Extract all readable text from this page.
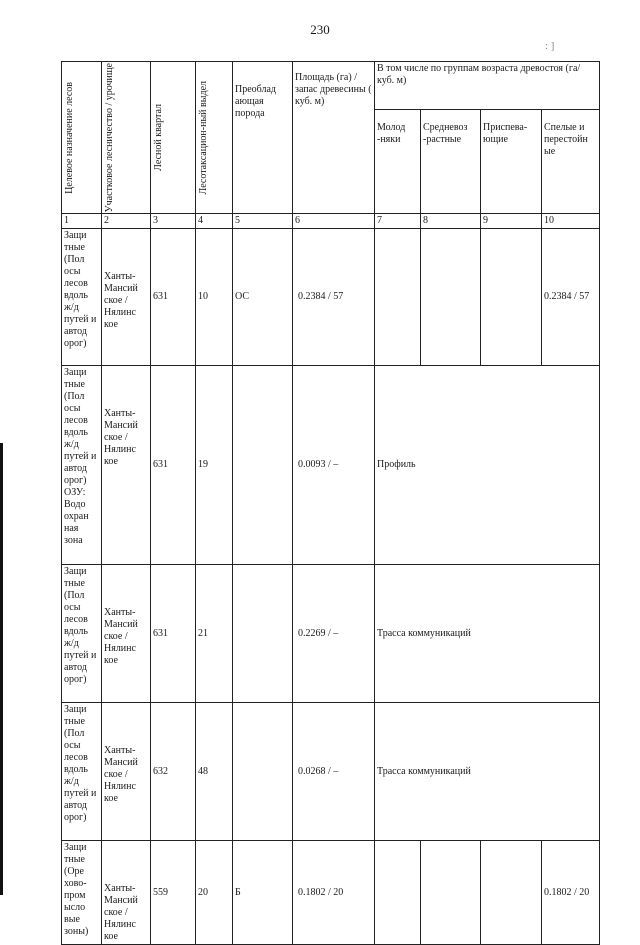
230
: ]
Целевое назначение лесов	Участковое лесничество / урочище	Лесной квартал	Лесотаксацион-ный выдел	Преоблад ающая порода	Площадь (га) / запас древесины ( куб. м)	В том числе по группам возраста древостоя (га/ куб. м)			
						Молод -няки	Средневоз -растные	Приспева-ющие	Спелые и перестойн ые
1	2	3	4	5	6	7	8	9	10
Защи тные (Пол осы лесов вдоль ж/д путей и автод орог)	Ханты-Мансий ское / Нялинс кое	631	10	ОС	0.2384 / 57				0.2384 / 57
Защи тные (Пол осы лесов вдоль ж/д путей и автод орог) ОЗУ: Водо охран ная зона	Ханты-Мансий ское / Нялинс кое	631	19		0.0093 / –	Профиль			
Защи тные (Пол осы лесов вдоль ж/д путей и автод орог)	Ханты-Мансий ское / Нялинс кое	631	21		0.2269 / –	Трасса коммуникаций			
Защи тные (Пол осы лесов вдоль ж/д путей и автод орог)	Ханты-Мансий ское / Нялинс кое	632	48		0.0268 / –	Трасса коммуникаций			
Защи тные (Оре хово-пром ысло вые зоны)	Ханты-Мансий ское / Нялинс кое	559	20	Б	0.1802 / 20				0.1802 / 20
